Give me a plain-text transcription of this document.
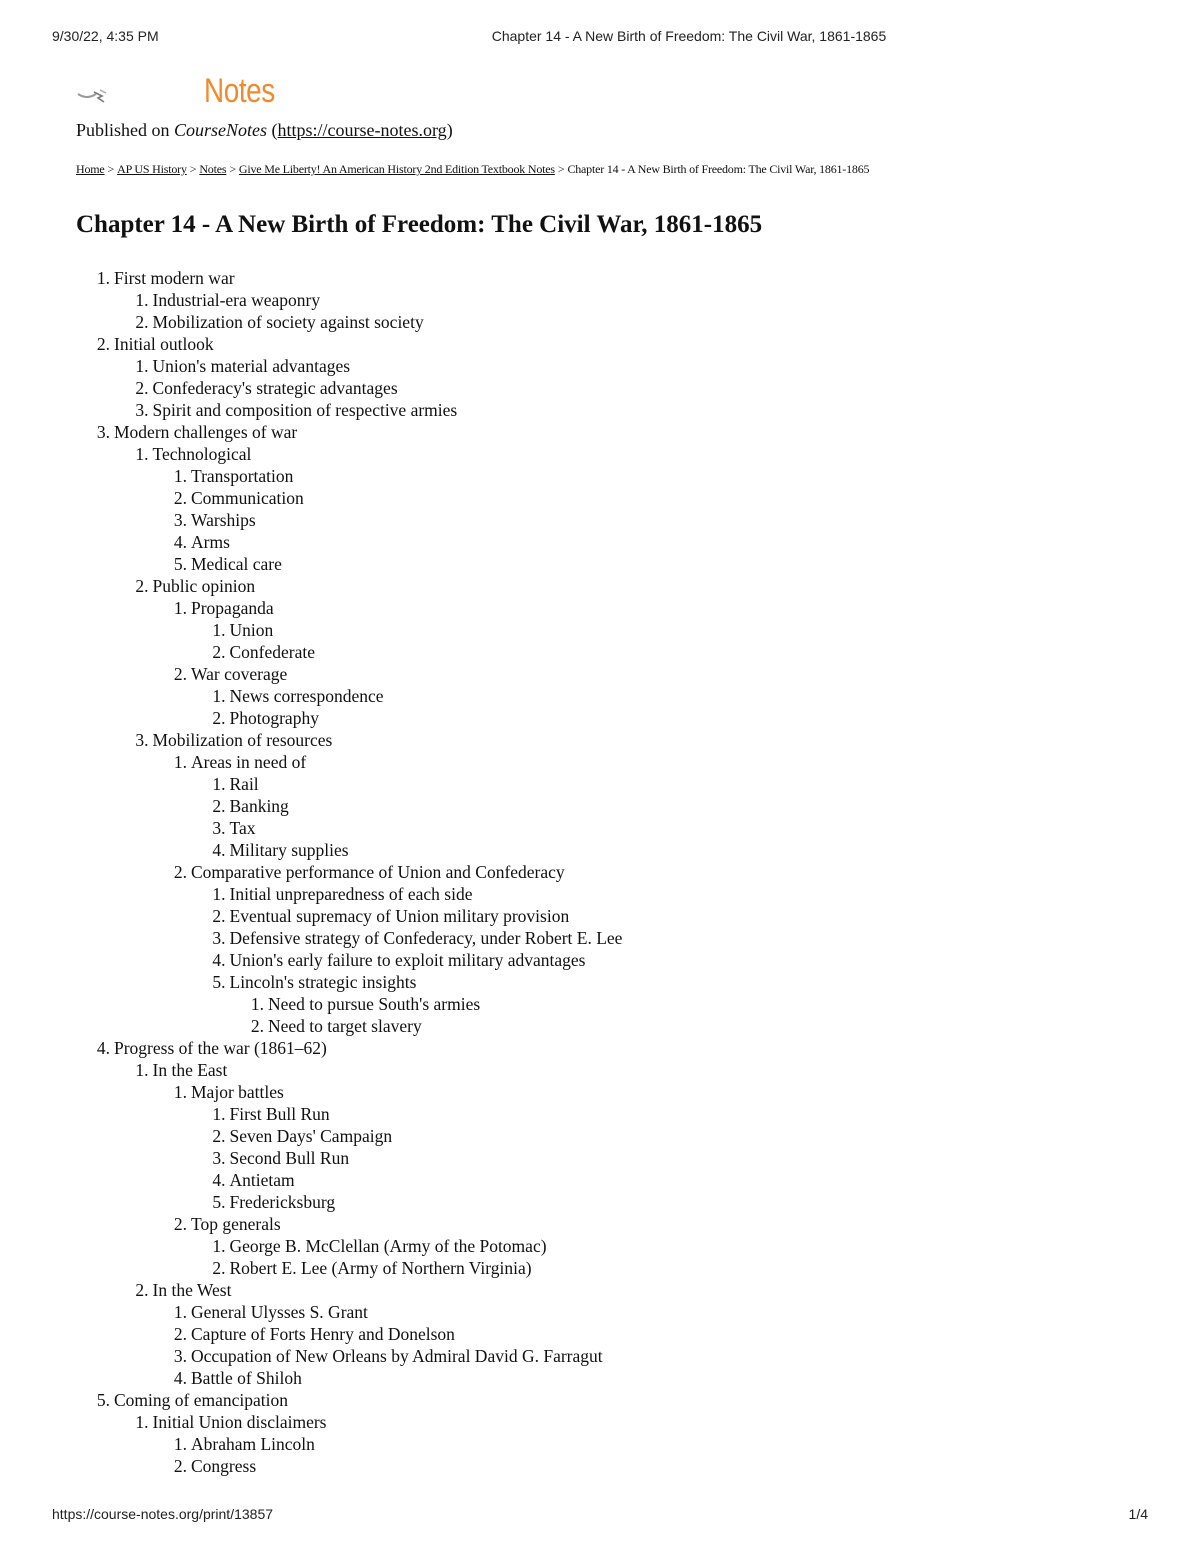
9/30/22, 4:35 PM	Chapter 14 - A New Birth of Freedom: The Civil War, 1861-1865
Notes
Published on CourseNotes (https://course-notes.org)
Home > AP US History > Notes > Give Me Liberty! An American History 2nd Edition Textbook Notes > Chapter 14 - A New Birth of Freedom: The Civil War, 1861-1865
Chapter 14 - A New Birth of Freedom: The Civil War, 1861-1865
1. First modern war
1. Industrial-era weaponry
2. Mobilization of society against society
2. Initial outlook
1. Union's material advantages
2. Confederacy's strategic advantages
3. Spirit and composition of respective armies
3. Modern challenges of war
1. Technological
1. Transportation
2. Communication
3. Warships
4. Arms
5. Medical care
2. Public opinion
1. Propaganda
1. Union
2. Confederate
2. War coverage
1. News correspondence
2. Photography
3. Mobilization of resources
1. Areas in need of
1. Rail
2. Banking
3. Tax
4. Military supplies
2. Comparative performance of Union and Confederacy
1. Initial unpreparedness of each side
2. Eventual supremacy of Union military provision
3. Defensive strategy of Confederacy, under Robert E. Lee
4. Union's early failure to exploit military advantages
5. Lincoln's strategic insights
1. Need to pursue South's armies
2. Need to target slavery
4. Progress of the war (1861–62)
1. In the East
1. Major battles
1. First Bull Run
2. Seven Days' Campaign
3. Second Bull Run
4. Antietam
5. Fredericksburg
2. Top generals
1. George B. McClellan (Army of the Potomac)
2. Robert E. Lee (Army of Northern Virginia)
2. In the West
1. General Ulysses S. Grant
2. Capture of Forts Henry and Donelson
3. Occupation of New Orleans by Admiral David G. Farragut
4. Battle of Shiloh
5. Coming of emancipation
1. Initial Union disclaimers
1. Abraham Lincoln
2. Congress
https://course-notes.org/print/13857	1/4
